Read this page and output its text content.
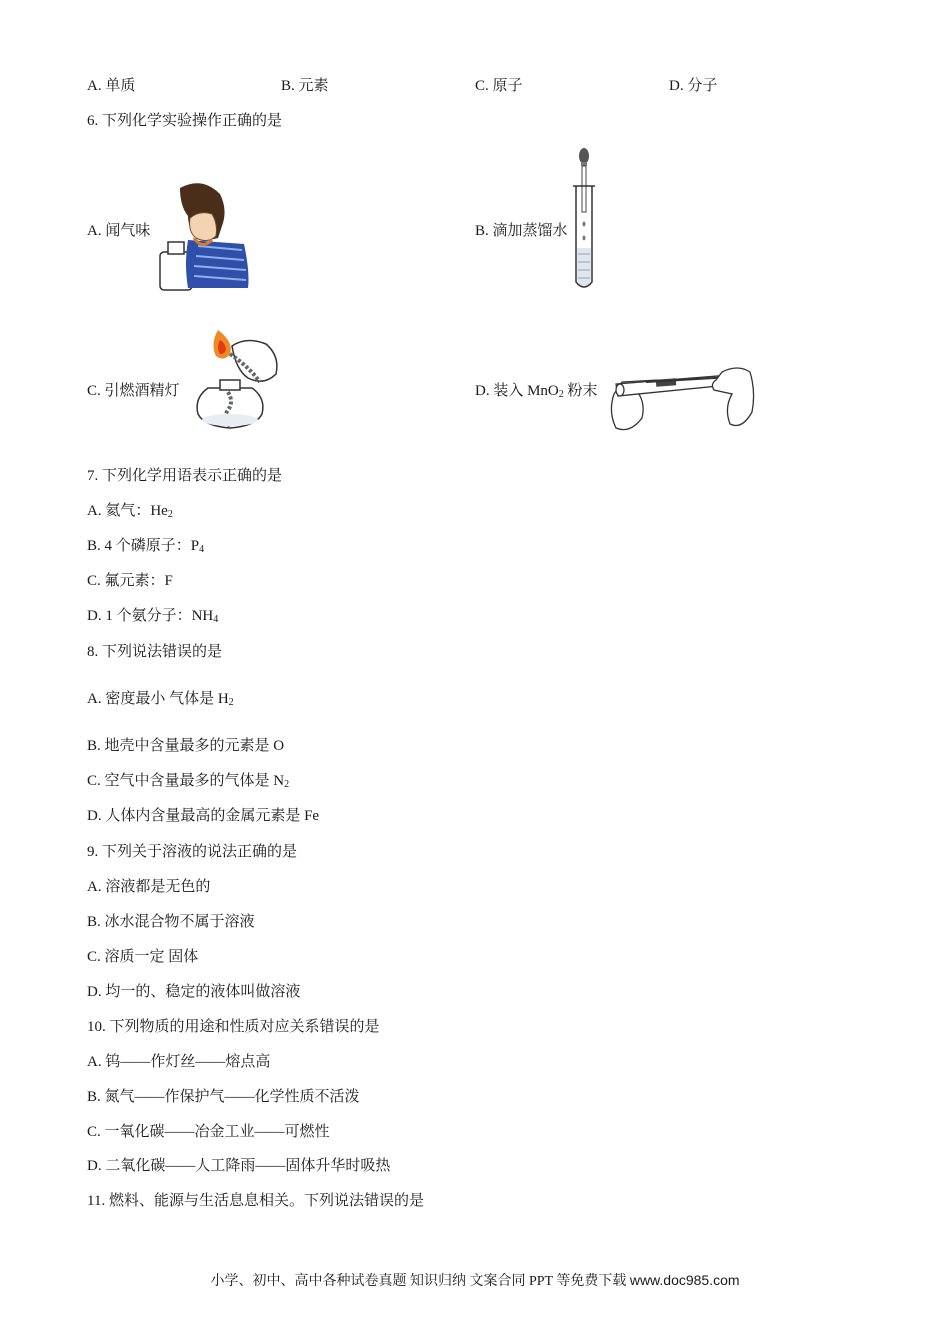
A. 单质	B. 元素	C. 原子	D. 分子
6. 下列化学实验操作正确的是
A. 闻气味	B. 滴加蒸馏水
C. 引燃酒精灯	D. 装入 MnO$_2$ 粉末
7. 下列化学用语表示正确的是
A. 氦气：$He_2$
B. 4 个磷原子：$P_4$
C. 氟元素：F
D. 1 个氨分子：$NH_4$
8. 下列说法错误的是
A. 密度最小 气体是 $H_2$
B. 地壳中含量最多的元素是 O
C. 空气中含量最多的气体是 $N_2$
D. 人体内含量最高的金属元素是 Fe
9. 下列关于溶液的说法正确的是
A. 溶液都是无色的
B. 冰水混合物不属于溶液
C. 溶质一定 固体
D. 均一的、稳定的液体叫做溶液
10. 下列物质的用途和性质对应关系错误的是
A. 钨——作灯丝——熔点高
B. 氮气——作保护气——化学性质不活泼
C. 一氧化碳——冶金工业——可燃性
D. 二氧化碳——人工降雨——固体升华时吸热
11. 燃料、能源与生活息息相关。下列说法错误的是
小学、初中、高中各种试卷真题 知识归纳 文案合同 PPT 等免费下载 www.doc985.com
